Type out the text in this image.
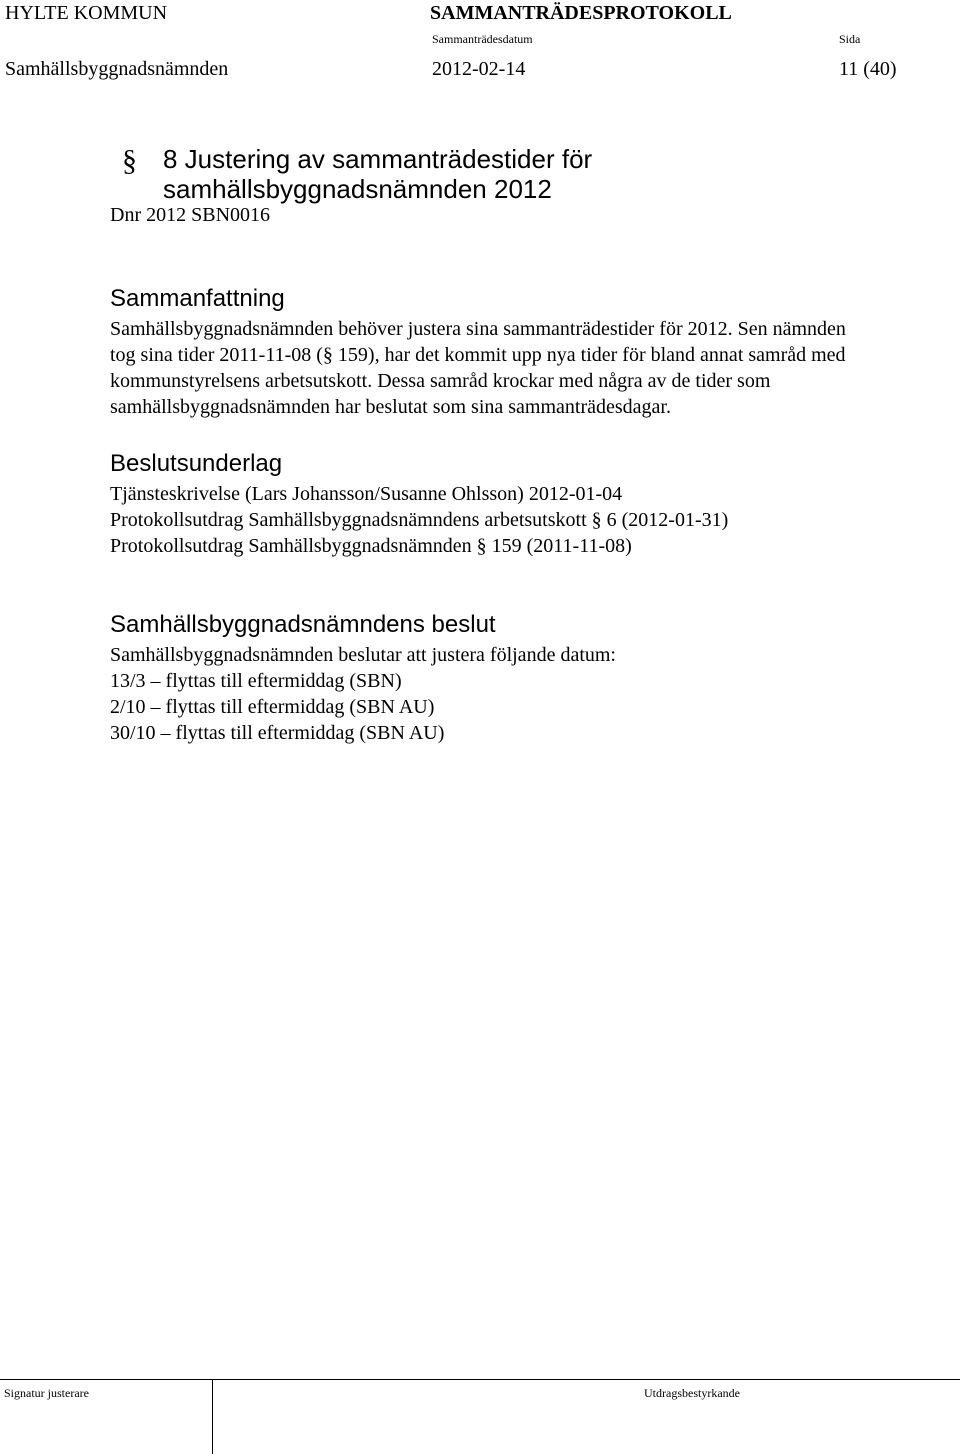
HYLTE KOMMUN	SAMMANTRÄDESPROTOKOLL
Sammanträdesdatum	Sida
Samhällsbyggnadsnämnden	2012-02-14	11 (40)
§ 8 Justering av sammanträdestider för
samhällsbyggnadsnämnden 2012
Dnr 2012 SBN0016
Sammanfattning
Samhällsbyggnadsnämnden behöver justera sina sammanträdestider för 2012. Sen nämnden
tog sina tider 2011-11-08 (§ 159), har det kommit upp nya tider för bland annat samråd med
kommunstyrelsens arbetsutskott. Dessa samråd krockar med några av de tider som
samhällsbyggnadsnämnden har beslutat som sina sammanträdesdagar.
Beslutsunderlag
Tjänsteskrivelse (Lars Johansson/Susanne Ohlsson) 2012-01-04
Protokollsutdrag Samhällsbyggnadsnämndens arbetsutskott § 6 (2012-01-31)
Protokollsutdrag Samhällsbyggnadsnämnden § 159 (2011-11-08)
Samhällsbyggnadsnämndens beslut
Samhällsbyggnadsnämnden beslutar att justera följande datum:
13/3 – flyttas till eftermiddag (SBN)
2/10 – flyttas till eftermiddag (SBN AU)
30/10 – flyttas till eftermiddag (SBN AU)
Signatur justerare	Utdragsbestyrkande
